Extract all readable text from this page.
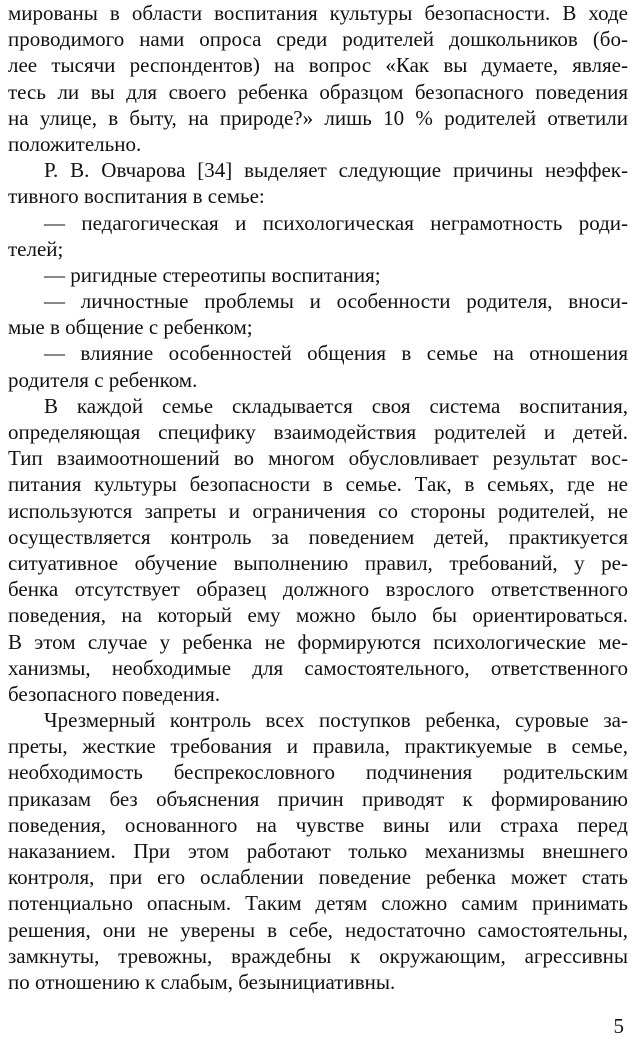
мированы в области воспитания культуры безопасности. В ходе
проводимого нами опроса среди родителей дошкольников (бо-
лее тысячи респондентов) на вопрос «Как вы думаете, являе-
тесь ли вы для своего ребенка образцом безопасного поведения
на улице, в быту, на природе?» лишь 10 % родителей ответили
положительно.
Р. В. Овчарова [34] выделяет следующие причины неэффек-
тивного воспитания в семье:
— педагогическая и психологическая неграмотность роди-
телей;
— ригидные стереотипы воспитания;
— личностные проблемы и особенности родителя, вноси-
мые в общение с ребенком;
— влияние особенностей общения в семье на отношения
родителя с ребенком.
В каждой семье складывается своя система воспитания,
определяющая специфику взаимодействия родителей и детей.
Тип взаимоотношений во многом обусловливает результат вос-
питания культуры безопасности в семье. Так, в семьях, где не
используются запреты и ограничения со стороны родителей, не
осуществляется контроль за поведением детей, практикуется
ситуативное обучение выполнению правил, требований, у ре-
бенка отсутствует образец должного взрослого ответственного
поведения, на который ему можно было бы ориентироваться.
В этом случае у ребенка не формируются психологические ме-
ханизмы, необходимые для самостоятельного, ответственного
безопасного поведения.
Чрезмерный контроль всех поступков ребенка, суровые за-
преты, жесткие требования и правила, практикуемые в семье,
необходимость беспрекословного подчинения родительским
приказам без объяснения причин приводят к формированию
поведения, основанного на чувстве вины или страха перед
наказанием. При этом работают только механизмы внешнего
контроля, при его ослаблении поведение ребенка может стать
потенциально опасным. Таким детям сложно самим принимать
решения, они не уверены в себе, недостаточно самостоятельны,
замкнуты, тревожны, враждебны к окружающим, агрессивны
по отношению к слабым, безынициативны.
5
